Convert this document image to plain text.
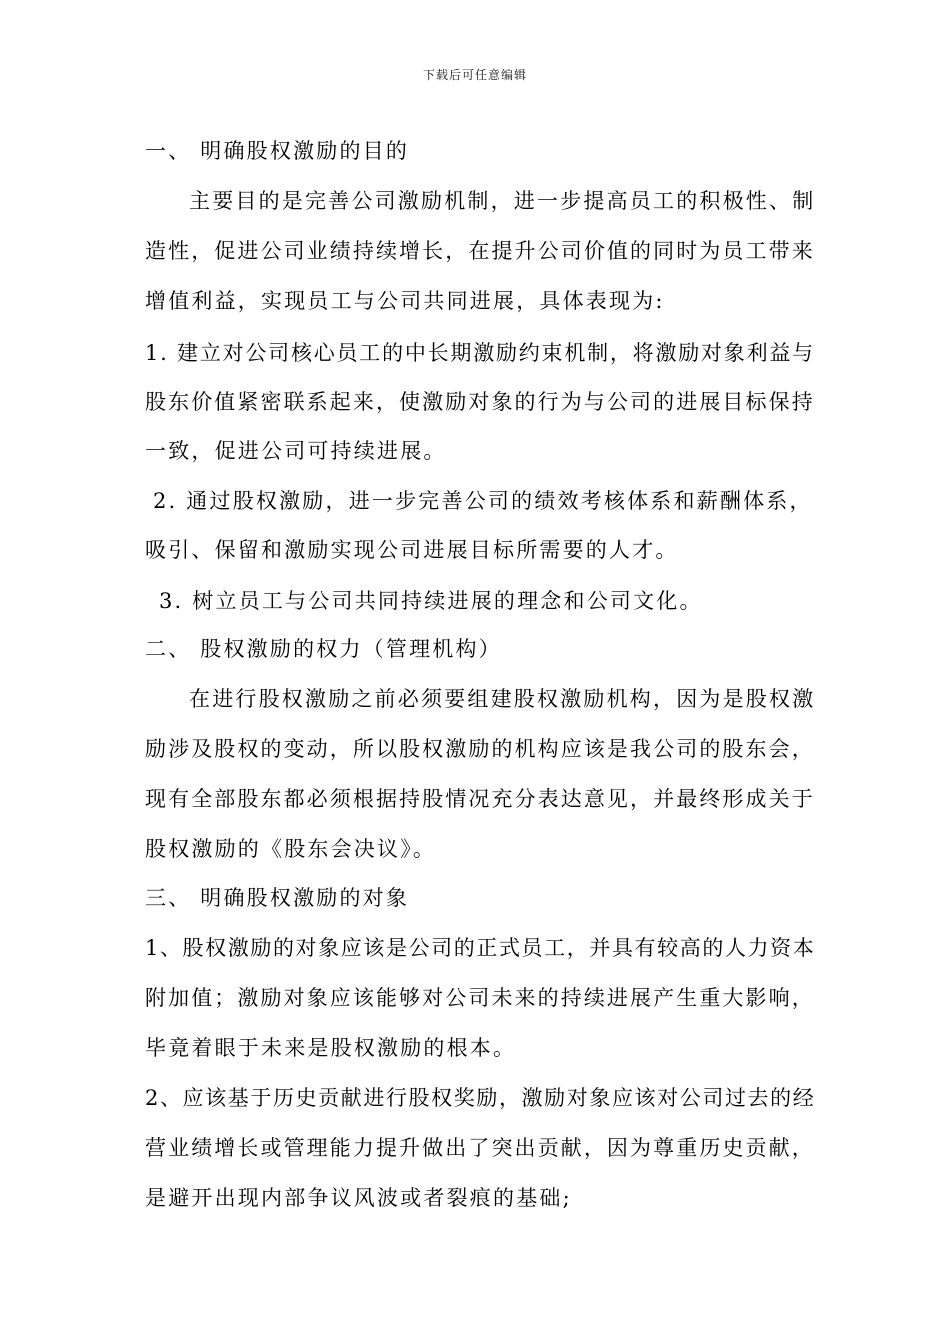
下载后可任意编辑
一、 明确股权激励的目的
主要目的是完善公司激励机制，进一步提高员工的积极性、制
造性，促进公司业绩持续增长，在提升公司价值的同时为员工带来
增值利益，实现员工与公司共同进展，具体表现为:
1. 建立对公司核心员工的中长期激励约束机制，将激励对象利益与
股东价值紧密联系起来，使激励对象的行为与公司的进展目标保持
一致，促进公司可持续进展。
2. 通过股权激励，进一步完善公司的绩效考核体系和薪酬体系，
吸引、保留和激励实现公司进展目标所需要的人才。
3. 树立员工与公司共同持续进展的理念和公司文化。
二、 股权激励的权力（管理机构）
在进行股权激励之前必须要组建股权激励机构，因为是股权激
励涉及股权的变动，所以股权激励的机构应该是我公司的股东会，
现有全部股东都必须根据持股情况充分表达意见，并最终形成关于
股权激励的《股东会决议》。
三、 明确股权激励的对象
1、股权激励的对象应该是公司的正式员工，并具有较高的人力资本
附加值；激励对象应该能够对公司未来的持续进展产生重大影响，
毕竟着眼于未来是股权激励的根本。
2、应该基于历史贡献进行股权奖励，激励对象应该对公司过去的经
营业绩增长或管理能力提升做出了突出贡献，因为尊重历史贡献，
是避开出现内部争议风波或者裂痕的基础;
